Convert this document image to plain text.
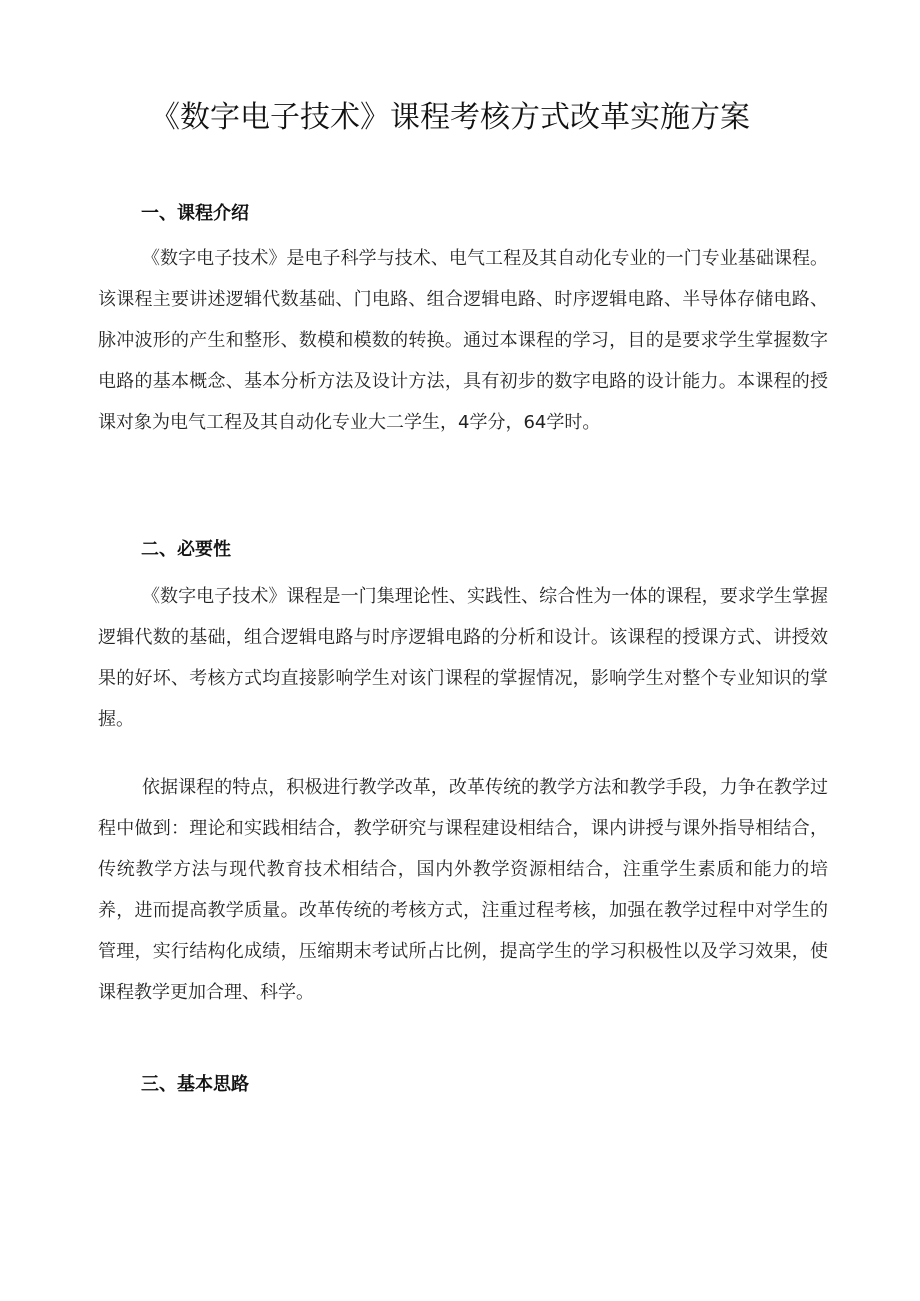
《数字电子技术》课程考核方式改革实施方案
一、课程介绍

《数字电子技术》是电子科学与技术、电气工程及其自动化专业的一门专业基础课程。该课程主要讲述逻辑代数基础、门电路、组合逻辑电路、时序逻辑电路、半导体存储电路、脉冲波形的产生和整形、数模和模数的转换。通过本课程的学习，目的是要求学生掌握数字电路的基本概念、基本分析方法及设计方法，具有初步的数字电路的设计能力。本课程的授课对象为电气工程及其自动化专业大二学生，4学分，64学时。

二、必要性

《数字电子技术》课程是一门集理论性、实践性、综合性为一体的课程，要求学生掌握逻辑代数的基础，组合逻辑电路与时序逻辑电路的分析和设计。该课程的授课方式、讲授效果的好坏、考核方式均直接影响学生对该门课程的掌握情况，影响学生对整个专业知识的掌握。

依据课程的特点，积极进行教学改革，改革传统的教学方法和教学手段，力争在教学过程中做到：理论和实践相结合，教学研究与课程建设相结合，课内讲授与课外指导相结合，传统教学方法与现代教育技术相结合，国内外教学资源相结合，注重学生素质和能力的培养，进而提高教学质量。改革传统的考核方式，注重过程考核，加强在教学过程中对学生的管理，实行结构化成绩，压缩期末考试所占比例，提高学生的学习积极性以及学习效果，使课程教学更加合理、科学。

三、基本思路
